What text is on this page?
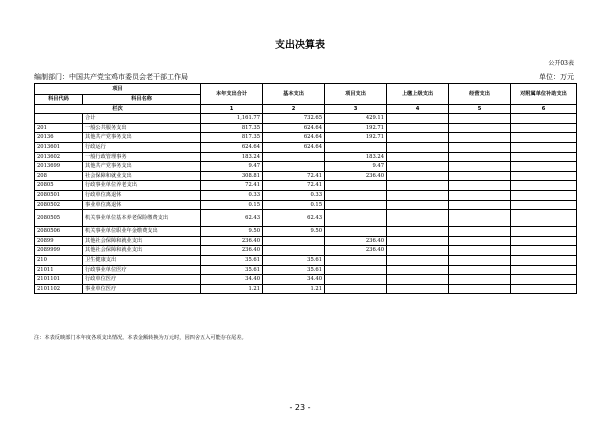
支出决算表
公开03表
编制部门：中国共产党宝鸡市委员会老干部工作局	单位：万元
项目		本年支出合计	基本支出	项目支出	上缴上级支出	经营支出	对附属单位补助支出
科目代码	科目名称						
栏次		1	2	3	4	5	6
	合计	1,161.77	732.65	429.11			
201	一般公共服务支出	817.35	624.64	192.71			
20136	其他共产党事务支出	817.35	624.64	192.71			
2013601	行政运行	624.64	624.64				
2013602	一般行政管理事务	183.24		183.24			
2013699	其他共产党事务支出	9.47		9.47			
208	社会保障和就业支出	308.81	72.41	236.40			
20805	行政事业单位养老支出	72.41	72.41				
2080501	行政单位离退休	0.33	0.33				
2080502	事业单位离退休	0.15	0.15				
2080505	机关事业单位基本养老保险缴费支出	62.43	62.43				
2080506	机关事业单位职业年金缴费支出	9.50	9.50				
20899	其他社会保障和就业支出	236.40		236.40			
2089999	其他社会保障和就业支出	236.40		236.40			
210	卫生健康支出	35.61	35.61				
21011	行政事业单位医疗	35.61	35.61				
2101101	行政单位医疗	34.40	34.40				
2101102	事业单位医疗	1.21	1.21				
注：本表反映部门本年度各项支出情况。本表金额转换为万元时，因四舍五入可能存在尾差。
- 23 -
